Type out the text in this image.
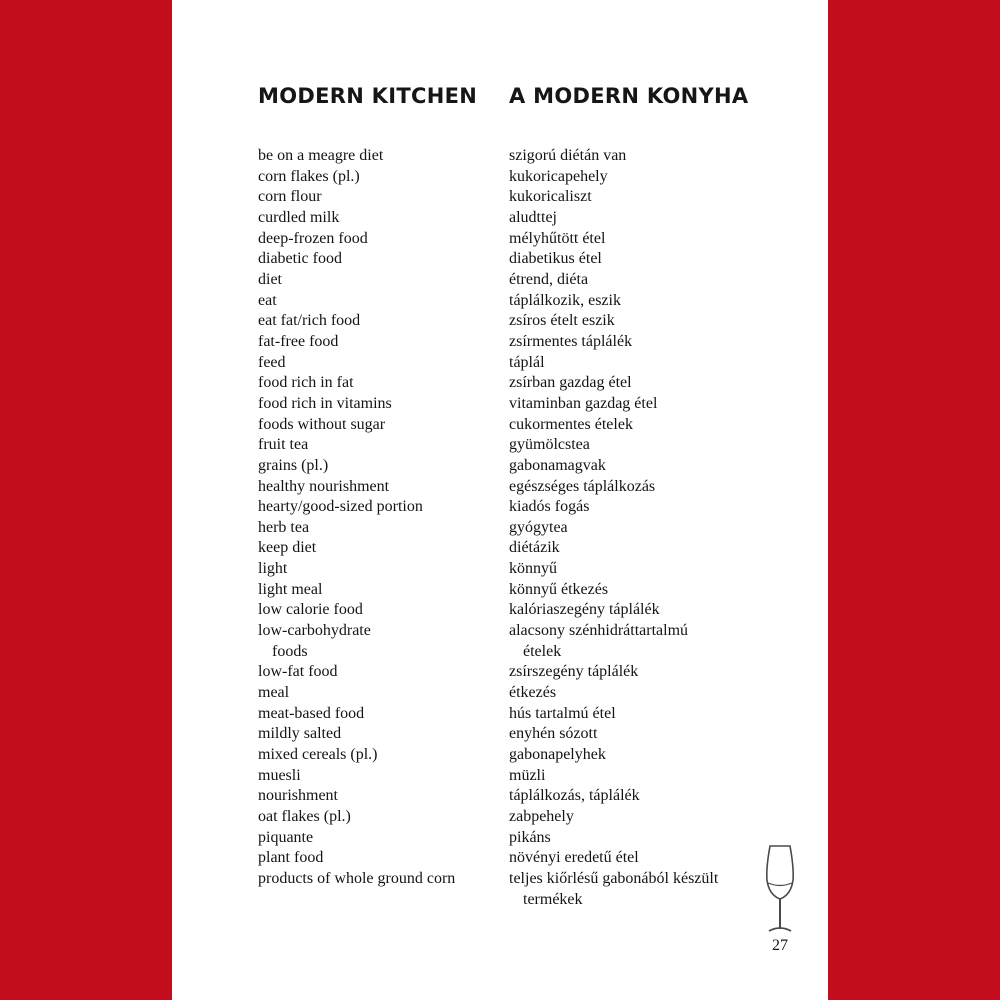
MODERN KITCHEN A MODERN KONYHA
be on a meagre diet
corn flakes (pl.)
corn flour
curdled milk
deep-frozen food
diabetic food
diet
eat
eat fat/rich food
fat-free food
feed
food rich in fat
food rich in vitamins
foods without sugar
fruit tea
grains (pl.)
healthy nourishment
hearty/good-sized portion
herb tea
keep diet
light
light meal
low calorie food
low-carbohydrate
foods
low-fat food
meal
meat-based food
mildly salted
mixed cereals (pl.)
muesli
nourishment
oat flakes (pl.)
piquante
plant food
products of whole ground corn
szigorú diétán van
kukoricapehely
kukoricaliszt
aludttej
mélyhűtött étel
diabetikus étel
étrend, diéta
táplálkozik, eszik
zsíros ételt eszik
zsírmentes táplálék
táplál
zsírban gazdag étel
vitaminban gazdag étel
cukormentes ételek
gyümölcstea
gabonamagvak
egészséges táplálkozás
kiadós fogás
gyógytea
diétázik
könnyű
könnyű étkezés
kalóriaszegény táplálék
alacsony szénhidráttartalmú
ételek
zsírszegény táplálék
étkezés
hús tartalmú étel
enyhén sózott
gabonapelyhek
müzli
táplálkozás, táplálék
zabpehely
pikáns
növényi eredetű étel
teljes kiőrlésű gabonából készült
termékek
27
